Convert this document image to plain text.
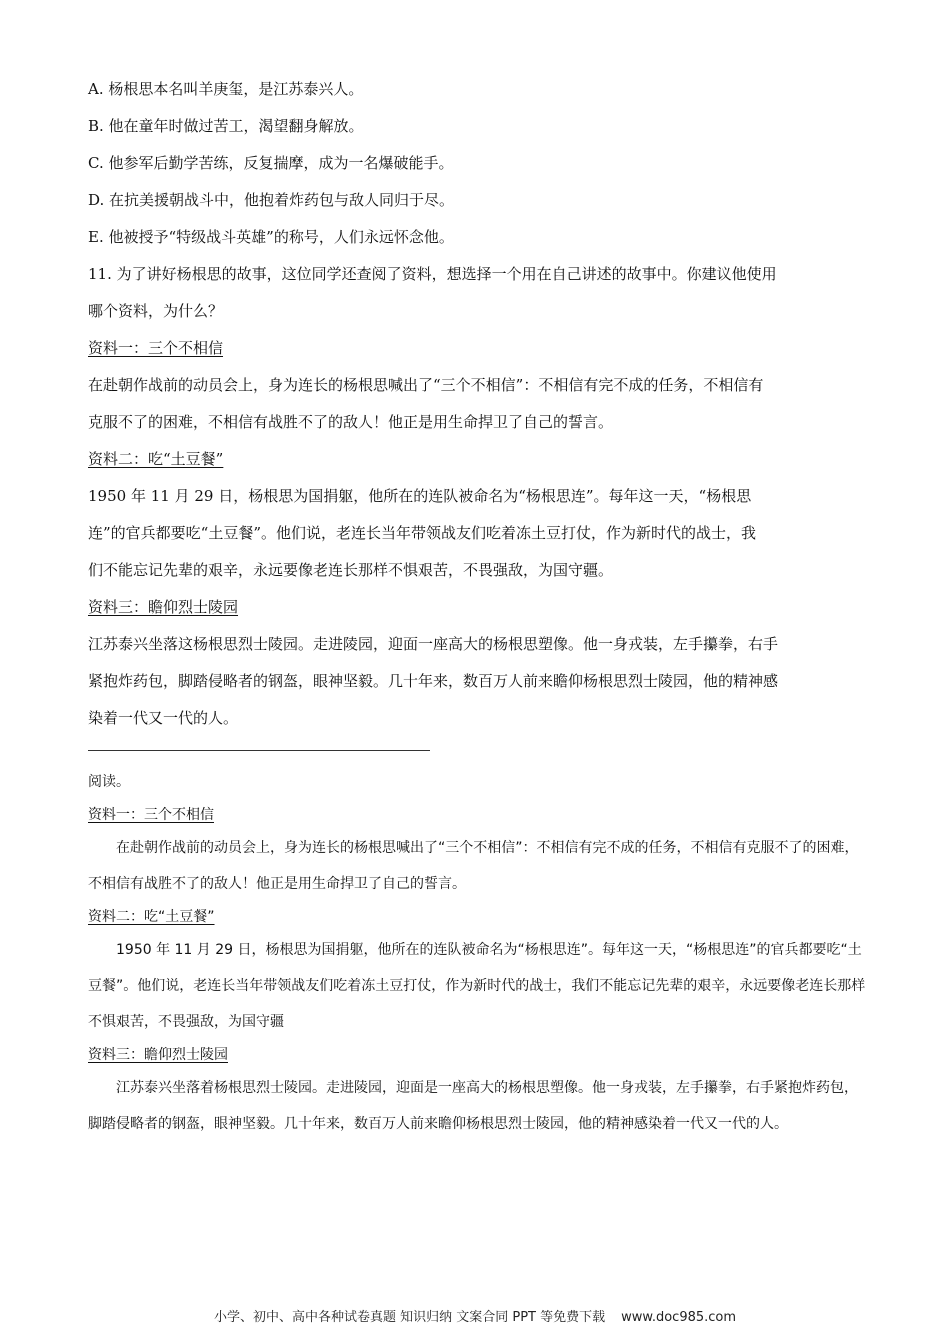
A. 杨根思本名叫羊庚玺，是江苏泰兴人。
B. 他在童年时做过苦工，渴望翻身解放。
C. 他参军后勤学苦练，反复揣摩，成为一名爆破能手。
D. 在抗美援朝战斗中，他抱着炸药包与敌人同归于尽。
E. 他被授予“特级战斗英雄”的称号，人们永远怀念他。
11. 为了讲好杨根思的故事，这位同学还查阅了资料，想选择一个用在自己讲述的故事中。你建议他使用
哪个资料，为什么？
资料一：三个不相信
在赴朝作战前的动员会上，身为连长的杨根思喊出了“三个不相信”：不相信有完不成的任务，不相信有
克服不了的困难，不相信有战胜不了的敌人！他正是用生命捍卫了自己的誓言。
资料二：吃“土豆餐”
1950 年 11 月 29 日，杨根思为国捐躯，他所在的连队被命名为“杨根思连”。每年这一天，“杨根思
连”的官兵都要吃“土豆餐”。他们说，老连长当年带领战友们吃着冻土豆打仗，作为新时代的战士，我
们不能忘记先辈的艰辛，永远要像老连长那样不惧艰苦，不畏强敌，为国守疆。
资料三：瞻仰烈士陵园
江苏泰兴坐落这杨根思烈士陵园。走进陵园，迎面一座高大的杨根思塑像。他一身戎装，左手攥拳，右手
紧抱炸药包，脚踏侵略者的钢盔，眼神坚毅。几十年来，数百万人前来瞻仰杨根思烈士陵园，他的精神感
染着一代又一代的人。
阅读。
资料一：三个不相信
在赴朝作战前的动员会上，身为连长的杨根思喊出了“三个不相信”：不相信有完不成的任务，不相信有克服不了的困难，不相信有战胜不了的敌人！他正是用生命捍卫了自己的誓言。
资料二：吃“土豆餐”
1950 年 11 月 29 日，杨根思为国捐躯，他所在的连队被命名为“杨根思连”。每年这一天，“杨根思连”的官兵都要吃“土豆餐”。他们说，老连长当年带领战友们吃着冻土豆打仗，作为新时代的战士，我们不能忘记先辈的艰辛，永远要像老连长那样不惧艰苦，不畏强敌，为国守疆
资料三：瞻仰烈士陵园
江苏泰兴坐落着杨根思烈士陵园。走进陵园，迎面是一座高大的杨根思塑像。他一身戎装，左手攥拳，右手紧抱炸药包，脚踏侵略者的钢盔，眼神坚毅。几十年来，数百万人前来瞻仰杨根思烈士陵园，他的精神感染着一代又一代的人。
小学、初中、高中各种试卷真题 知识归纳 文案合同 PPT 等免费下载 www.doc985.com
